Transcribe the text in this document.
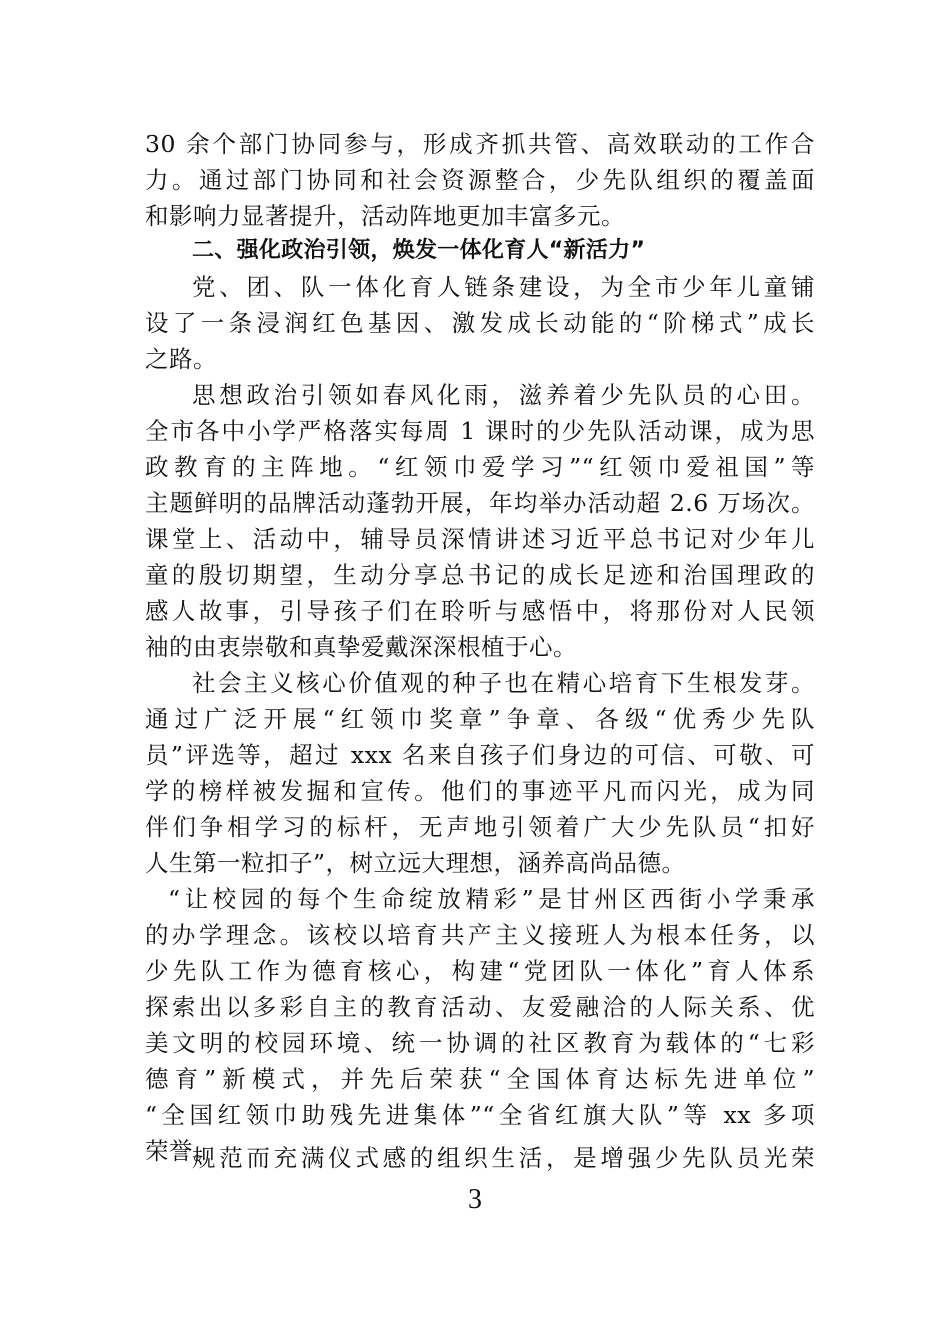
30 余个部门协同参与，形成齐抓共管、高效联动的工作合
力。通过部门协同和社会资源整合，少先队组织的覆盖面
和影响力显著提升，活动阵地更加丰富多元。
二、强化政治引领，焕发一体化育人“新活力”
党、团、队一体化育人链条建设，为全市少年儿童铺
设了一条浸润红色基因、激发成长动能的“阶梯式”成长
之路。
思想政治引领如春风化雨，滋养着少先队员的心田。
全市各中小学严格落实每周 1 课时的少先队活动课，成为思
政教育的主阵地。“红领巾爱学习”“红领巾爱祖国”等
主题鲜明的品牌活动蓬勃开展，年均举办活动超 2.6 万场次。
课堂上、活动中，辅导员深情讲述习近平总书记对少年儿
童的殷切期望，生动分享总书记的成长足迹和治国理政的
感人故事，引导孩子们在聆听与感悟中，将那份对人民领
袖的由衷崇敬和真挚爱戴深深根植于心。
社会主义核心价值观的种子也在精心培育下生根发芽。
通过广泛开展“红领巾奖章”争章、各级“优秀少先队
员”评选等，超过 xxx 名来自孩子们身边的可信、可敬、可
学的榜样被发掘和宣传。他们的事迹平凡而闪光，成为同
伴们争相学习的标杆，无声地引领着广大少先队员“扣好
人生第一粒扣子”，树立远大理想，涵养高尚品德。
“让校园的每个生命绽放精彩”是甘州区西街小学秉承
的办学理念。该校以培育共产主义接班人为根本任务，以
少先队工作为德育核心，构建“党团队一体化”育人体系
探索出以多彩自主的教育活动、友爱融洽的人际关系、优
美文明的校园环境、统一协调的社区教育为载体的“七彩
德育”新模式，并先后荣获“全国体育达标先进单位”
“全国红领巾助残先进集体”“全省红旗大队”等 xx 多项
荣誉。
规范而充满仪式感的组织生活，是增强少先队员光荣
3
